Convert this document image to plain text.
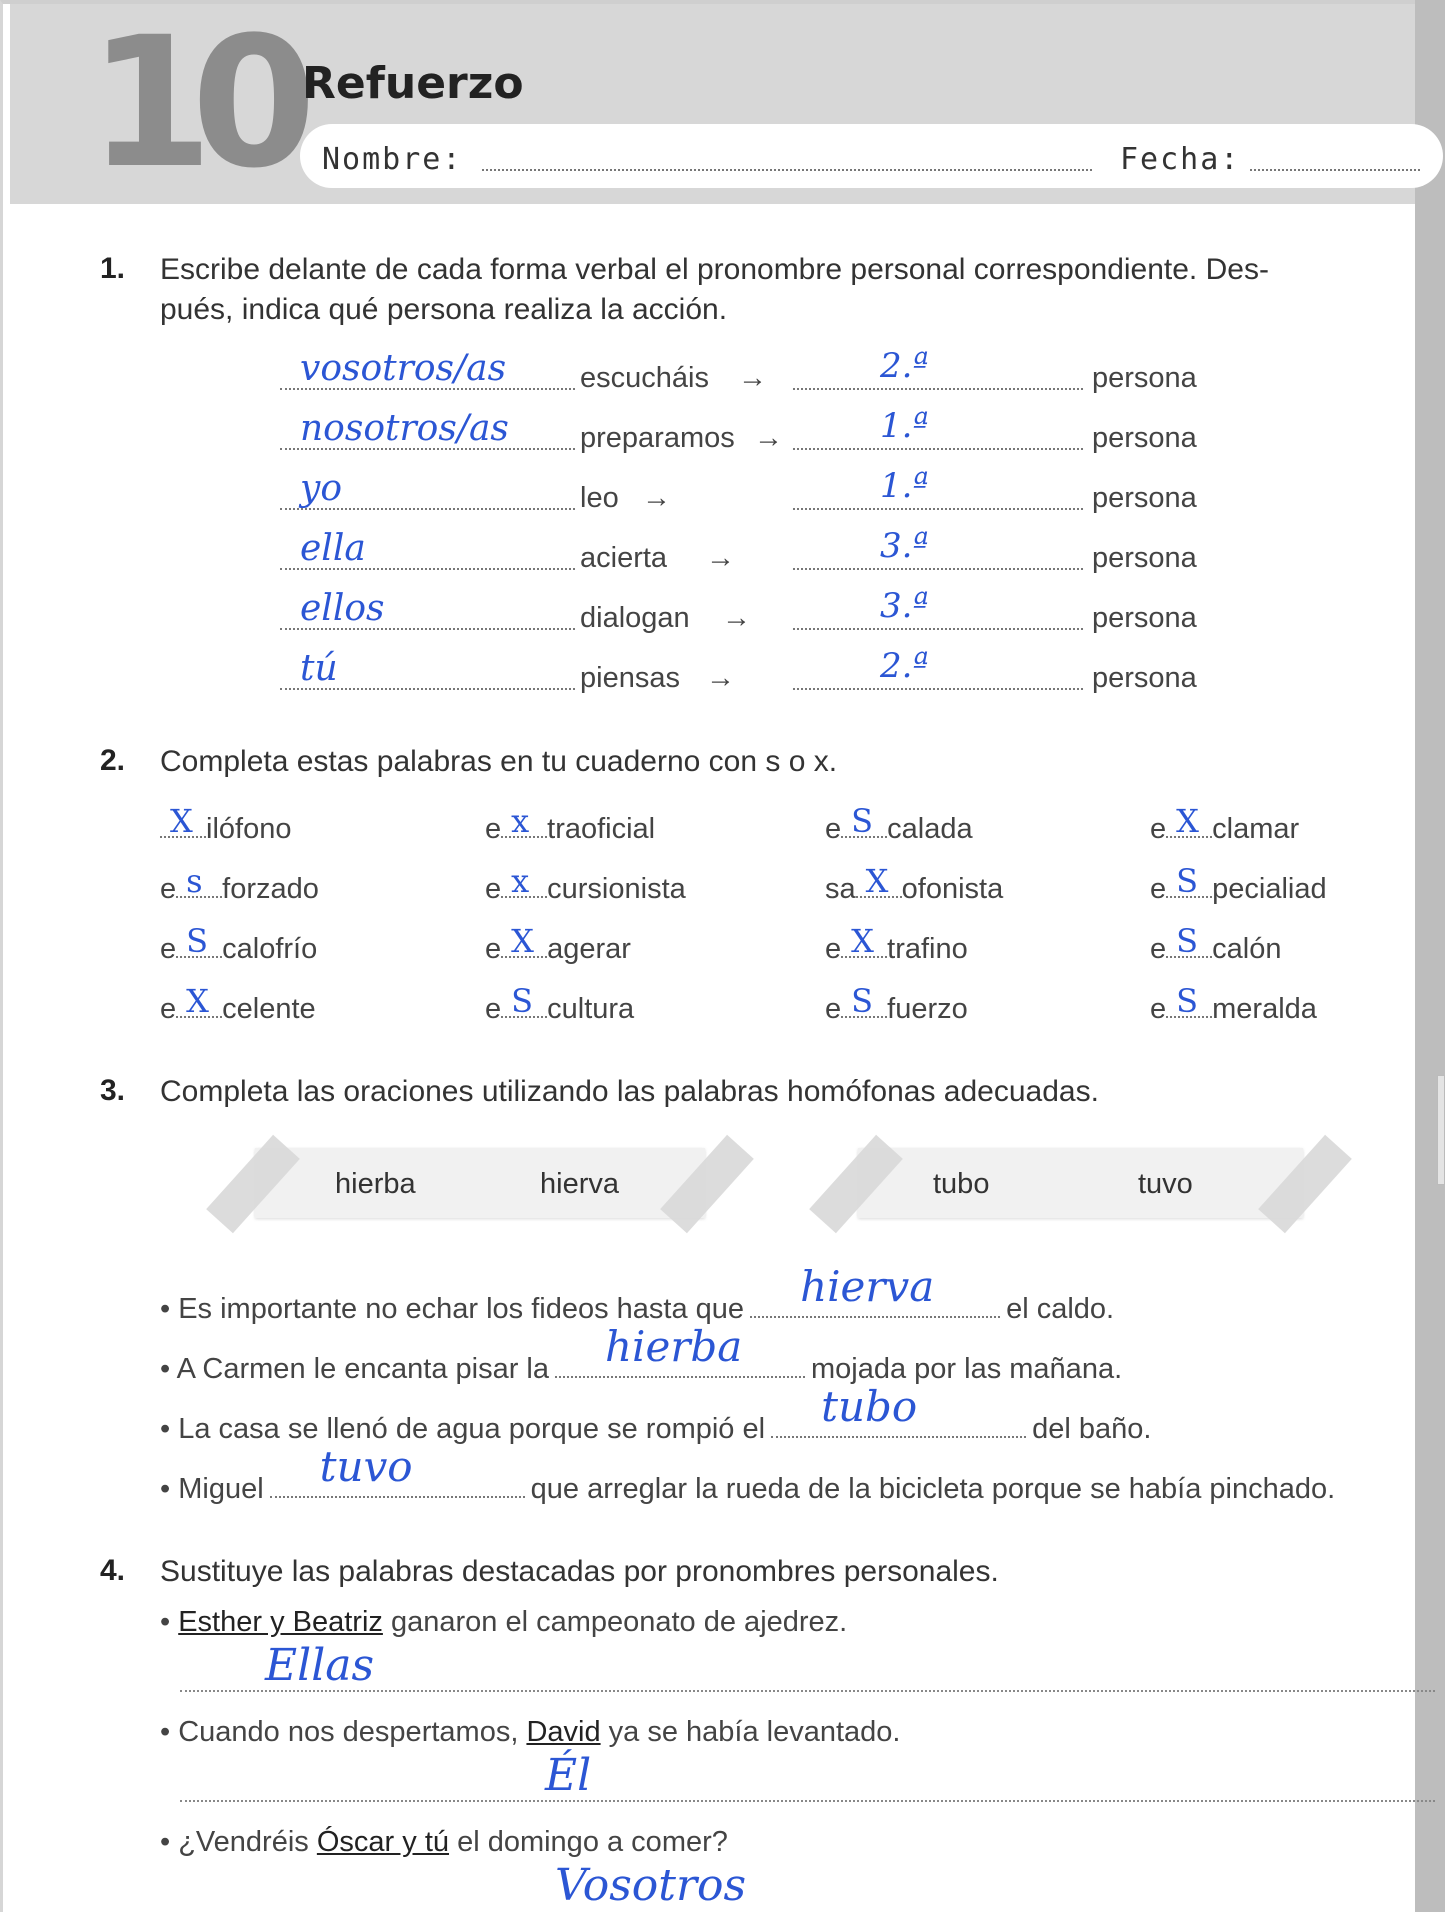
10 Refuerzo
Nombre:	Fecha:
1. Escribe delante de cada forma verbal el pronombre personal correspondiente. Des-
pués, indica qué persona realiza la acción.
vosotros/as	escucháis →	2.ª	persona
nosotros/as preparamos →	1.ª	persona
yo	leo →	1.ª	persona
ella	acierta →	3.ª	persona
ellos	dialogan →	3.ª	persona
tú	piensas →	2.ª	persona
2. Completa estas palabras en tu cuaderno con s o x.
X ilófono	e x traoficial	e S calada	e X clamar
e s forzado	e x cursionista	sa X ofonista	e S pecialiad
e S calofrío	e X agerar	e X trafino	e S calón
e X celente	e S cultura	e S fuerzo	e S meralda
3. Completa las oraciones utilizando las palabras homófonas adecuadas.
hierba	hierva	tubo	tuvo
• Es importante no echar los fideos hasta que hierva el caldo.
• A Carmen le encanta pisar la hierba mojada por las mañana.
• La casa se llenó de agua porque se rompió el tubo	del baño.
• Miguel tuvo	que arreglar la rueda de la bicicleta porque se había pinchado.
4. Sustituye las palabras destacadas por pronombres personales.
• Esther y Beatriz ganaron el campeonato de ajedrez.
Ellas
• Cuando nos despertamos, David ya se había levantado.
Él
• ¿Vendréis Óscar y tú el domingo a comer?
Vosotros
